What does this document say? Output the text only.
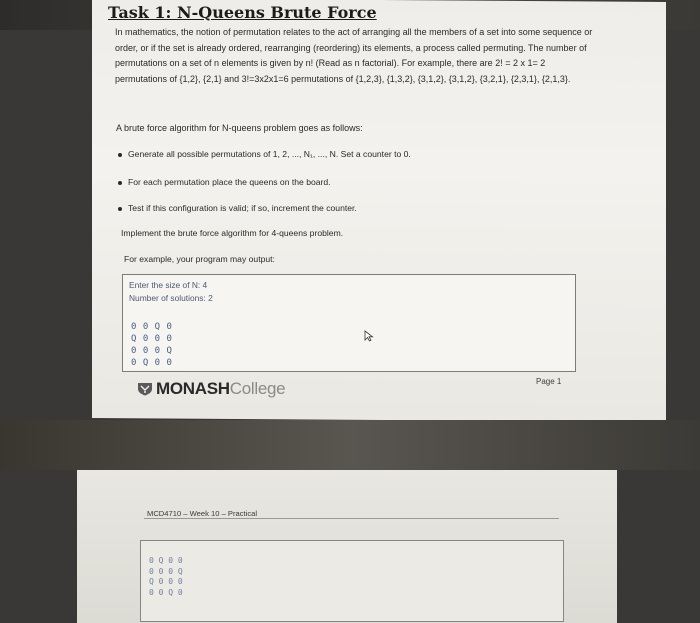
Task 1: N-Queens Brute Force

In mathematics, the notion of permutation relates to the act of arranging all the members of a set into some sequence or order, or if the set is already ordered, rearranging (reordering) its elements, a process called permuting. The number of permutations on a set of n elements is given by n! (Read as n factorial). For example, there are 2! = 2 x 1= 2 permutations of {1,2}, {2,1} and 3!=3x2x1=6 permutations of {1,2,3}, {1,3,2}, {3,1,2}, {3,1,2}, {3,2,1}, {2,3,1}, {2,1,3}.

A brute force algorithm for N-queens problem goes as follows:

Generate all possible permutations of 1, 2, ..., N₁, ..., N. Set a counter to 0.

For each permutation place the queens on the board.

Test if this configuration is valid; if so, increment the counter.

Implement the brute force algorithm for 4-queens problem.

For example, your program may output:

Enter the size of N: 4

Number of solutions: 2

0 0 Q 0
Q 0 0 0
0 0 0 Q
0 Q 0 0
MONASHCollege	Page 1

MCD4710 – Week 10 – Practical

0 Q 0 0
0 0 0 Q
Q 0 0 0
0 0 Q 0
